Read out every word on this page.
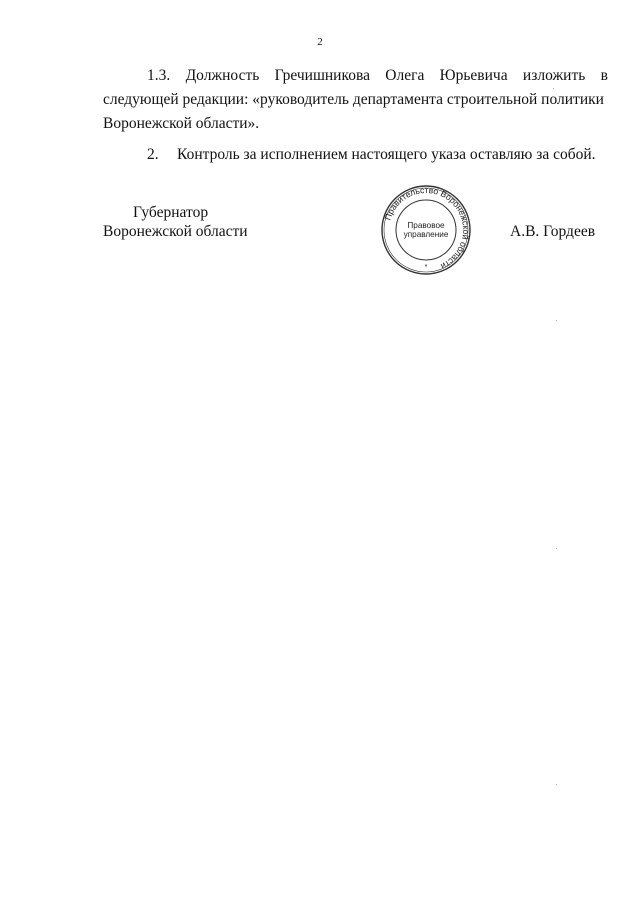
2
1.3. Должность Гречишникова Олега Юрьевича изложить в
следующей редакции: «руководитель департамента строительной политики
Воронежской области».
2. Контроль за исполнением настоящего указа оставляю за собой.
Губернатор
Воронежской области	А.В. Гордеев
Правительство Воронежской области
Правовое
управление
*
